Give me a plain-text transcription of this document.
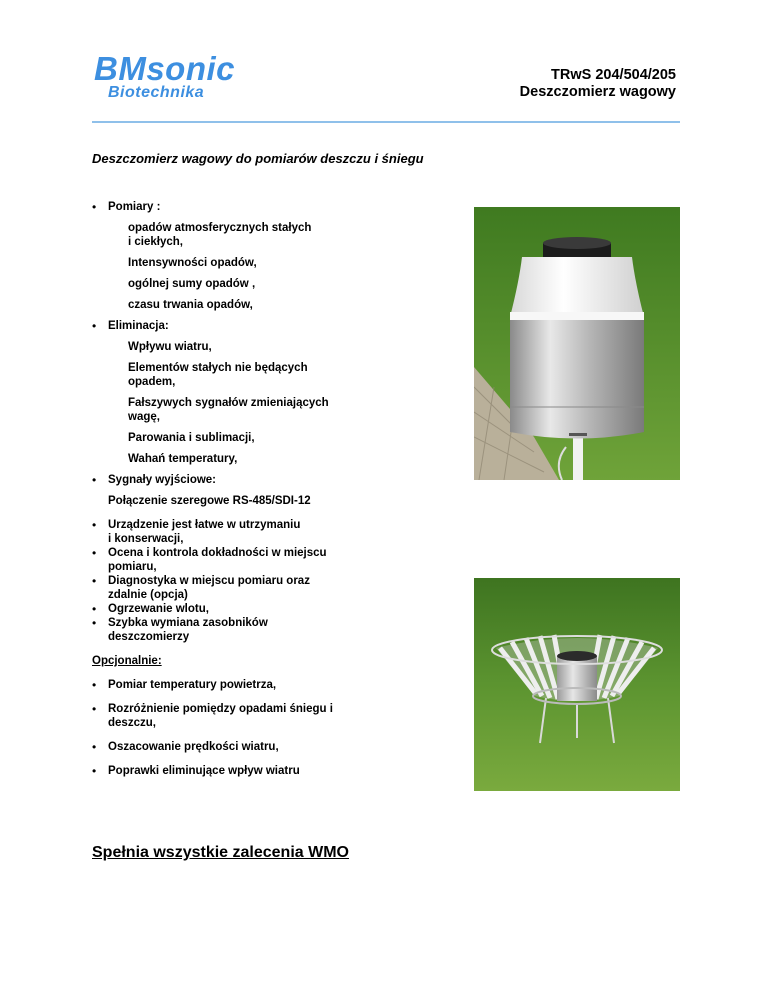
BMsonic
Biotechnika
TRwS 204/504/205
Deszczomierz wagowy
Deszczomierz wagowy do pomiarów deszczu i śniegu
• Pomiary :
opadów atmosferycznych stałych
i ciekłych,
Intensywności opadów,
ogólnej sumy opadów ,
czasu trwania opadów,
• Eliminacja:
Wpływu wiatru,
Elementów stałych nie będących
opadem,
Fałszywych sygnałów zmieniających
wagę,
Parowania i sublimacji,
Wahań temperatury,
• Sygnały wyjściowe:
Połączenie szeregowe RS-485/SDI-12
• Urządzenie jest łatwe w utrzymaniu
i konserwacji,
• Ocena i kontrola dokładności w miejscu
pomiaru,
• Diagnostyka w miejscu pomiaru oraz
zdalnie (opcja)
• Ogrzewanie wlotu,
• Szybka wymiana zasobników
deszczomierzy
Opcjonalnie:
• Pomiar temperatury powietrza,
• Rozróżnienie pomiędzy opadami śniegu i
deszczu,
• Oszacowanie prędkości wiatru,
• Poprawki eliminujące wpływ wiatru
Spełnia wszystkie zalecenia WMO
